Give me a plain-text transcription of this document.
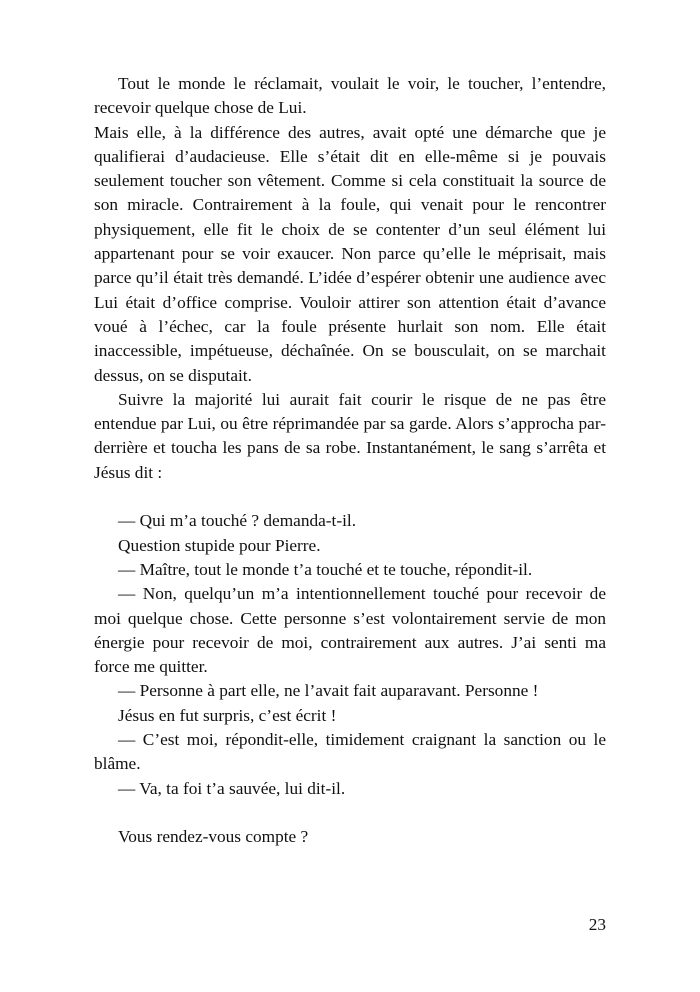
Tout le monde le réclamait, voulait le voir, le toucher, l’entendre, recevoir quelque chose de Lui.

Mais elle, à la différence des autres, avait opté une démarche que je qualifierai d’audacieuse. Elle s’était dit en elle-même si je pouvais seulement toucher son vêtement. Comme si cela constituait la source de son miracle. Contrairement à la foule, qui venait pour le rencontrer physiquement, elle fit le choix de se contenter d’un seul élément lui appartenant pour se voir exaucer. Non parce qu’elle le méprisait, mais parce qu’il était très demandé. L’idée d’espérer obtenir une audience avec Lui était d’office comprise. Vouloir attirer son attention était d’avance voué à l’échec, car la foule présente hurlait son nom. Elle était inaccessible, impétueuse, déchaînée. On se bousculait, on se marchait dessus, on se disputait.

Suivre la majorité lui aurait fait courir le risque de ne pas être entendue par Lui, ou être réprimandée par sa garde. Alors s’approcha par-derrière et toucha les pans de sa robe. Instantanément, le sang s’arrêta et Jésus dit :

— Qui m’a touché ? demanda-t-il.

Question stupide pour Pierre.

— Maître, tout le monde t’a touché et te touche, répondit-il.

— Non, quelqu’un m’a intentionnellement touché pour recevoir de moi quelque chose. Cette personne s’est volontairement servie de mon énergie pour recevoir de moi, contrairement aux autres. J’ai senti ma force me quitter.

— Personne à part elle, ne l’avait fait auparavant. Personne !

Jésus en fut surpris, c’est écrit !

— C’est moi, répondit-elle, timidement craignant la sanction ou le blâme.

— Va, ta foi t’a sauvée, lui dit-il.

Vous rendez-vous compte ?

23
